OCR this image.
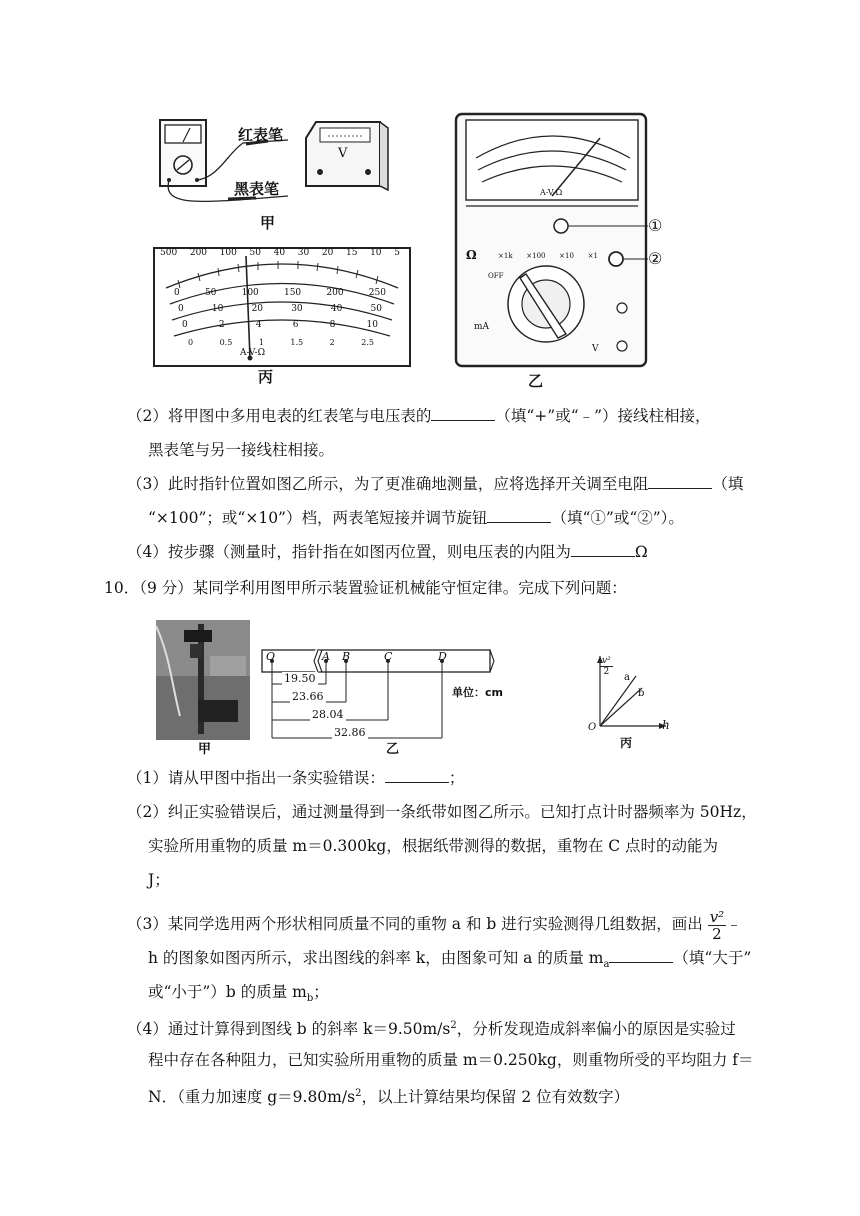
红表笔
黑表笔
V
甲
丙	乙
①
②
500 200 100 50 40 30 20 15 10 5
0	50	100	150	200	250
0	10	20	30	40	50
0	2	4	6	8	10
0	0.5	1	1.5	2	2.5
A-V-Ω
A-V-Ω
Ω	×1k ×100 ×10 ×1
OFF
mA
V
（2）将甲图中多用电表的红表笔与电压表的	（填“+”或“﹣”）接线柱相接，
黑表笔与另一接线柱相接。
（3）此时指针位置如图乙所示，为了更准确地测量，应将选择开关调至电阻	（填
“×100”；或“×10”）档，两表笔短接并调节旋钮	（填“①”或“②”）。
（4）按步骤（测量时，指针指在如图丙位置，则电压表的内阻为	Ω
10．（9 分）某同学利用图甲所示装置验证机械能守恒定律。完成下列问题：
甲
O	A B	C	D
19.50
23.66
28.04
32.86
单位：cm
乙
$\frac{\text{v²}}{2}$
h
O
a
b
丙
（1）请从甲图中指出一条实验错误：	；
（2）纠正实验错误后，通过测量得到一条纸带如图乙所示。已知打点计时器频率为 50Hz，
实验所用重物的质量 m＝0.300kg，根据纸带测得的数据，重物在 C 点时的动能为
J；
（3）某同学选用两个形状相同质量不同的重物 a 和 b 进行实验测得几组数据，画出 $\frac{\text{v²}}{2}$ ﹣
h 的图象如图丙所示，求出图线的斜率 k，由图象可知 a 的质量 $m_a$	（填“大于”
或“小于”）b 的质量 $m_b$；
（4）通过计算得到图线 b 的斜率 $k=9.50m/s^2$，分析发现造成斜率偏小的原因是实验过
程中存在各种阻力，已知实验所用重物的质量 m＝0.250kg，则重物所受的平均阻力 f＝
N．（重力加速度 $g=9.80m/s^2$，以上计算结果均保留 2 位有效数字）
